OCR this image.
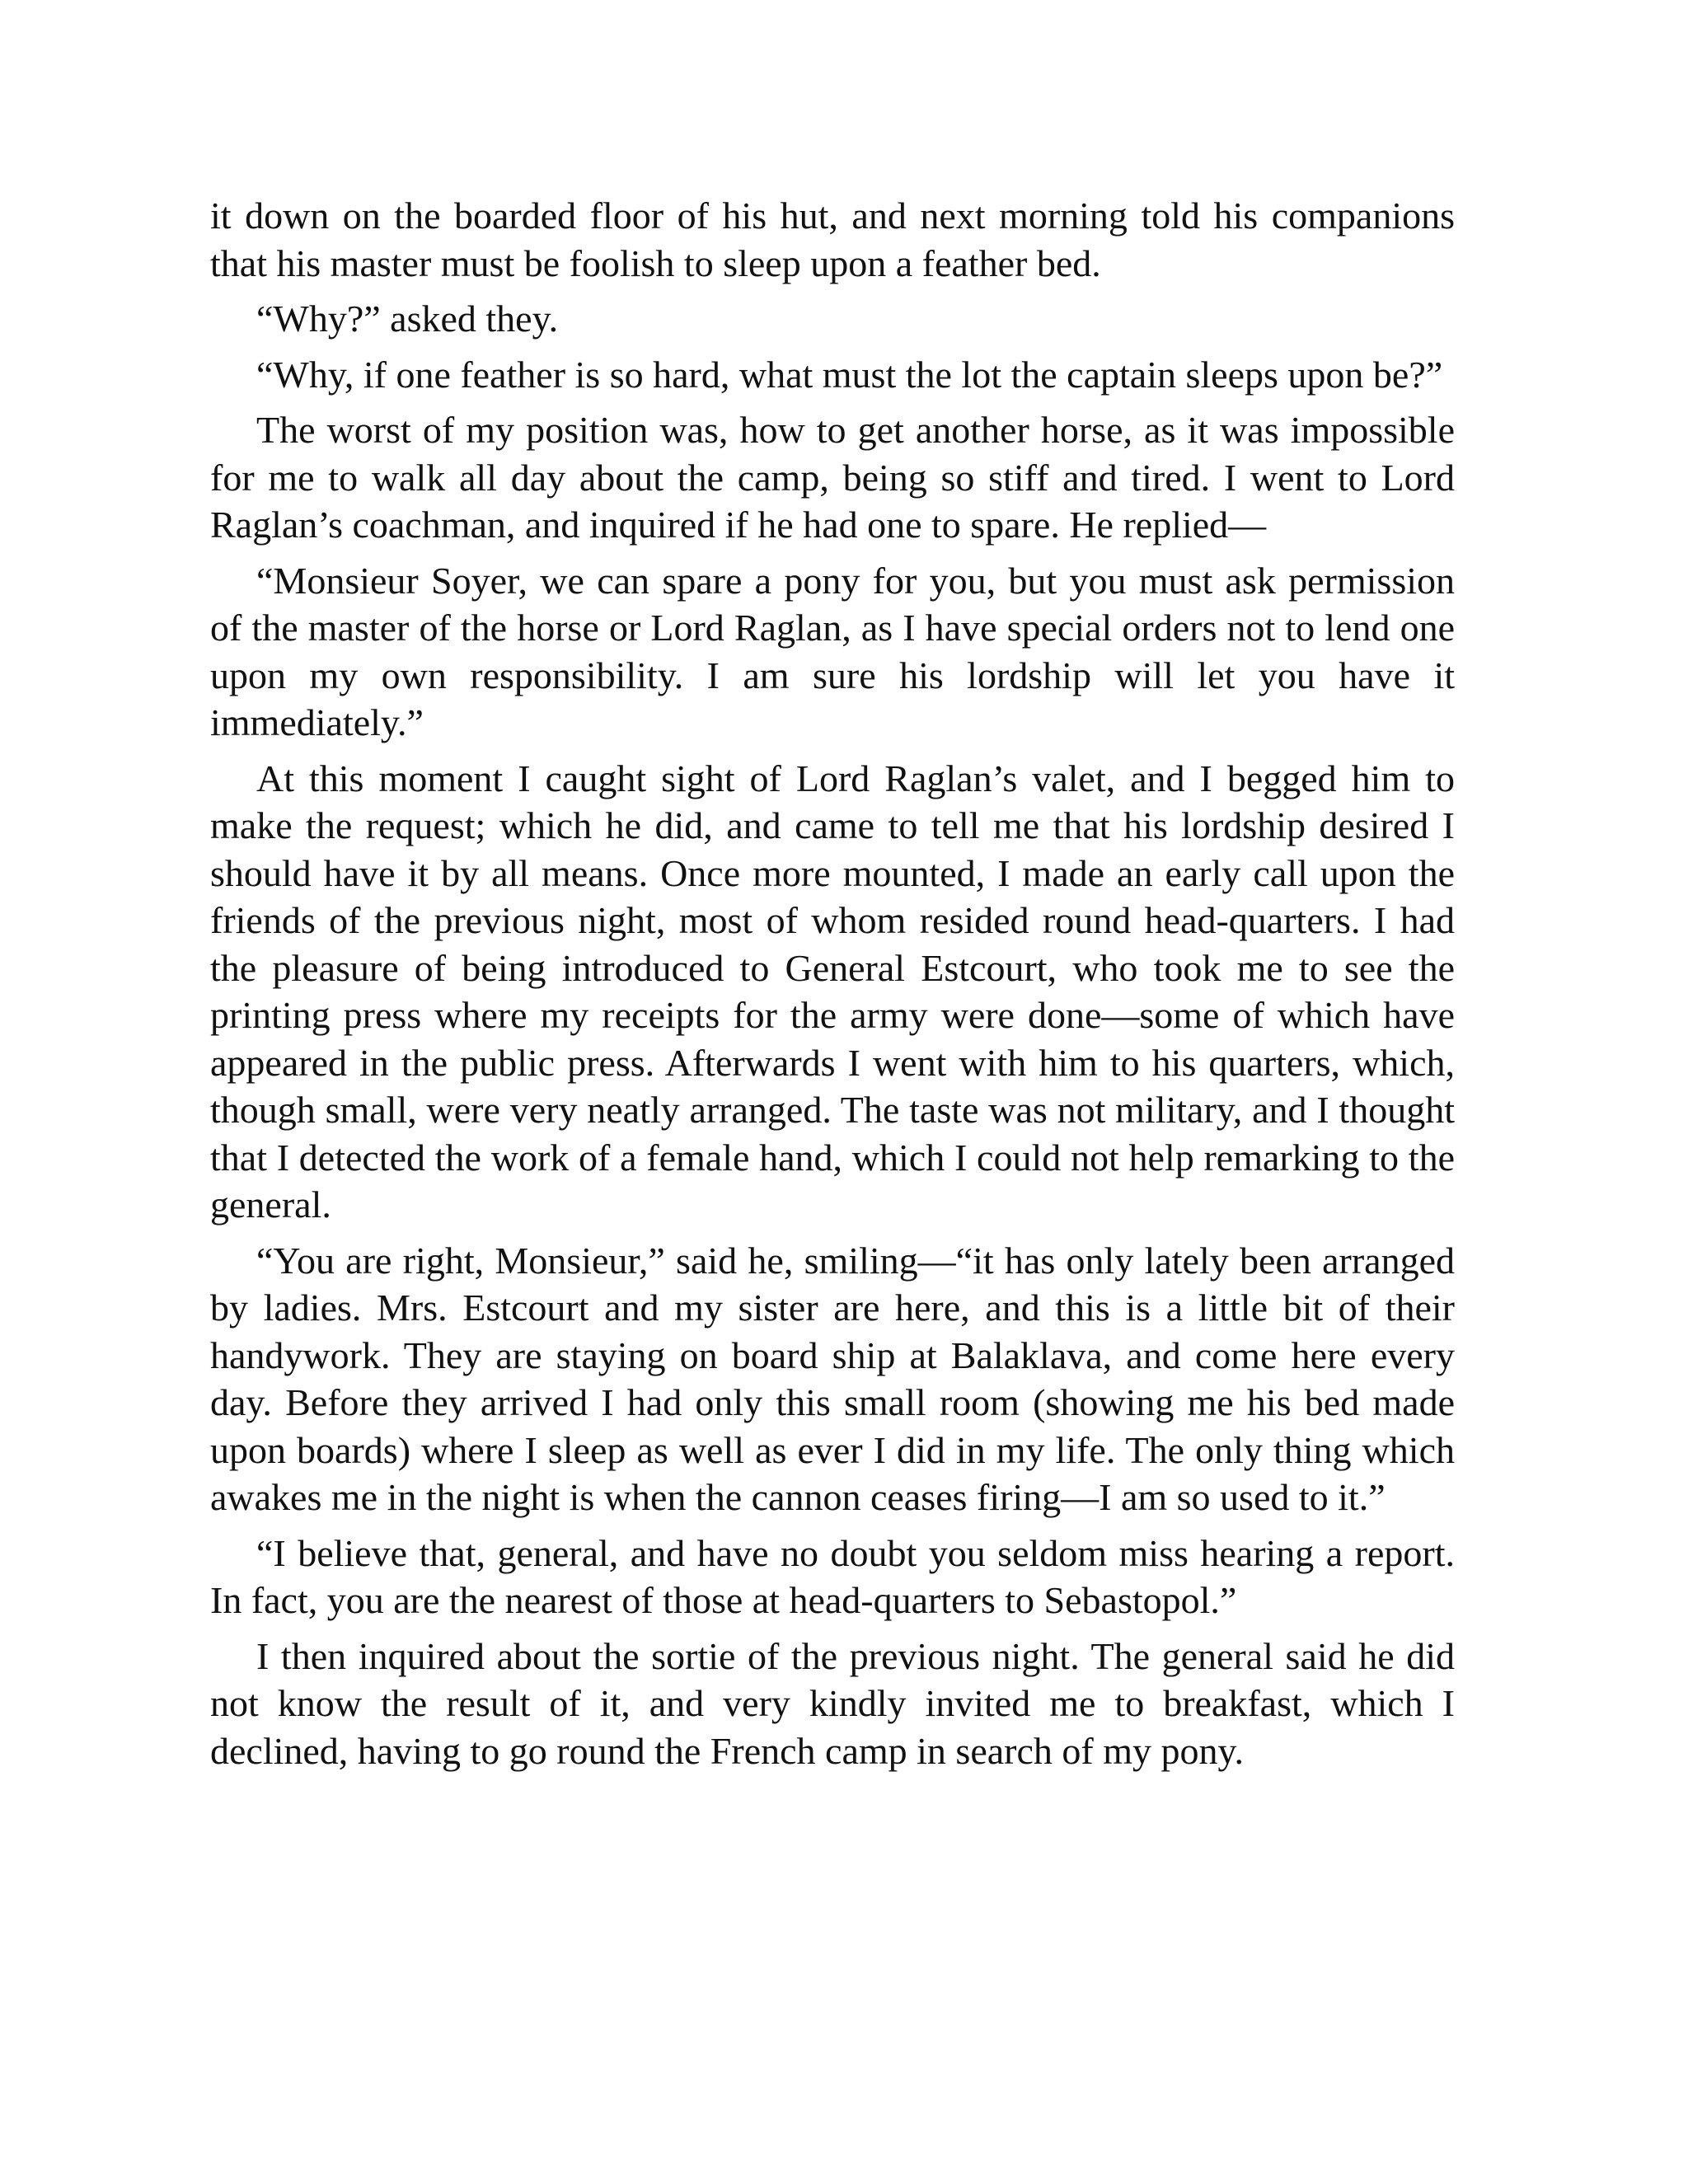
it down on the boarded floor of his hut, and next morning told his companions that his master must be foolish to sleep upon a feather bed.

“Why?” asked they.

“Why, if one feather is so hard, what must the lot the captain sleeps upon be?”

The worst of my position was, how to get another horse, as it was impossible for me to walk all day about the camp, being so stiff and tired. I went to Lord Raglan’s coachman, and inquired if he had one to spare. He replied—

“Monsieur Soyer, we can spare a pony for you, but you must ask permission of the master of the horse or Lord Raglan, as I have special orders not to lend one upon my own responsibility. I am sure his lordship will let you have it immediately.”

At this moment I caught sight of Lord Raglan’s valet, and I begged him to make the request; which he did, and came to tell me that his lordship desired I should have it by all means. Once more mounted, I made an early call upon the friends of the previous night, most of whom resided round head-quarters. I had the pleasure of being introduced to General Estcourt, who took me to see the printing press where my receipts for the army were done—some of which have appeared in the public press. Afterwards I went with him to his quarters, which, though small, were very neatly arranged. The taste was not military, and I thought that I detected the work of a female hand, which I could not help remarking to the general.

“You are right, Monsieur,” said he, smiling—“it has only lately been arranged by ladies. Mrs. Estcourt and my sister are here, and this is a little bit of their handywork. They are staying on board ship at Balaklava, and come here every day. Before they arrived I had only this small room (showing me his bed made upon boards) where I sleep as well as ever I did in my life. The only thing which awakes me in the night is when the cannon ceases firing—I am so used to it.”

“I believe that, general, and have no doubt you seldom miss hearing a report. In fact, you are the nearest of those at head-quarters to Sebastopol.”

I then inquired about the sortie of the previous night. The general said he did not know the result of it, and very kindly invited me to breakfast, which I declined, having to go round the French camp in search of my pony.
